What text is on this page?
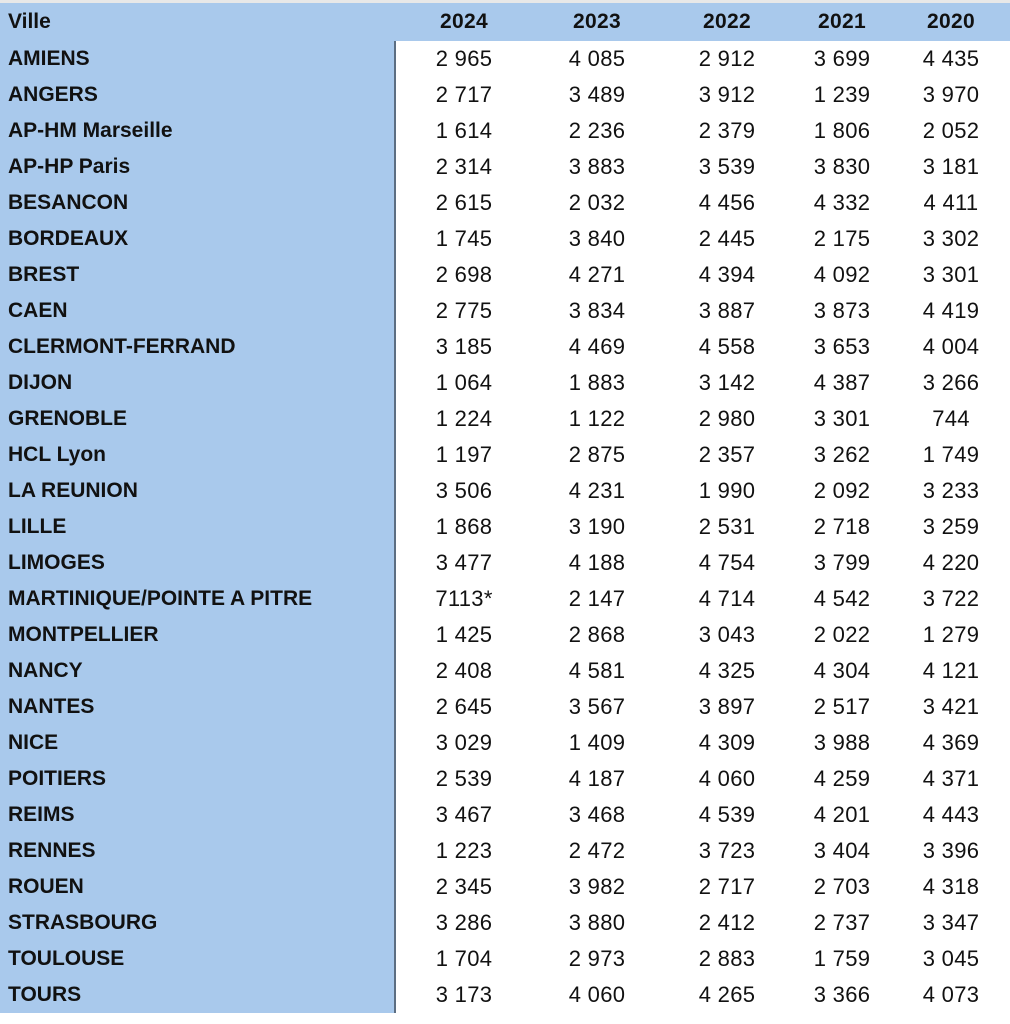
Ville	2024	2023	2022	2021	2020
AMIENS	2 965	4 085	2 912	3 699	4 435
ANGERS	2 717	3 489	3 912	1 239	3 970
AP-HM Marseille	1 614	2 236	2 379	1 806	2 052
AP-HP Paris	2 314	3 883	3 539	3 830	3 181
BESANCON	2 615	2 032	4 456	4 332	4 411
BORDEAUX	1 745	3 840	2 445	2 175	3 302
BREST	2 698	4 271	4 394	4 092	3 301
CAEN	2 775	3 834	3 887	3 873	4 419
CLERMONT-FERRAND	3 185	4 469	4 558	3 653	4 004
DIJON	1 064	1 883	3 142	4 387	3 266
GRENOBLE	1 224	1 122	2 980	3 301	744
HCL Lyon	1 197	2 875	2 357	3 262	1 749
LA REUNION	3 506	4 231	1 990	2 092	3 233
LILLE	1 868	3 190	2 531	2 718	3 259
LIMOGES	3 477	4 188	4 754	3 799	4 220
MARTINIQUE/POINTE A PITRE	7113*	2 147	4 714	4 542	3 722
MONTPELLIER	1 425	2 868	3 043	2 022	1 279
NANCY	2 408	4 581	4 325	4 304	4 121
NANTES	2 645	3 567	3 897	2 517	3 421
NICE	3 029	1 409	4 309	3 988	4 369
POITIERS	2 539	4 187	4 060	4 259	4 371
REIMS	3 467	3 468	4 539	4 201	4 443
RENNES	1 223	2 472	3 723	3 404	3 396
ROUEN	2 345	3 982	2 717	2 703	4 318
STRASBOURG	3 286	3 880	2 412	2 737	3 347
TOULOUSE	1 704	2 973	2 883	1 759	3 045
TOURS	3 173	4 060	4 265	3 366	4 073
